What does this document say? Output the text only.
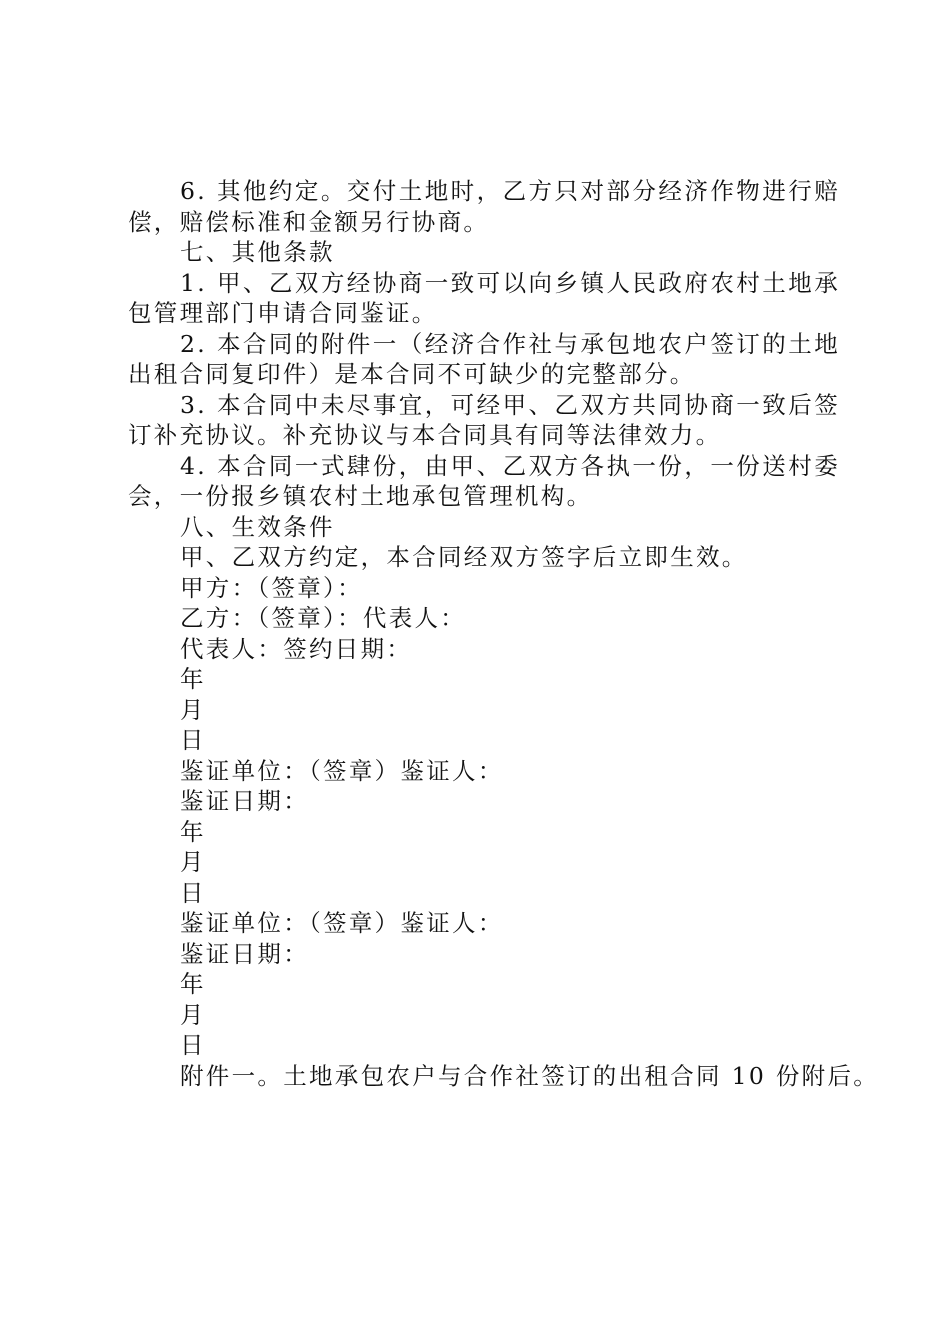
6. 其他约定。交付土地时，乙方只对部分经济作物进行赔偿，赔偿标准和金额另行协商。

七、其他条款

1. 甲、乙双方经协商一致可以向乡镇人民政府农村土地承包管理部门申请合同鉴证。

2. 本合同的附件一（经济合作社与承包地农户签订的土地出租合同复印件）是本合同不可缺少的完整部分。

3. 本合同中未尽事宜，可经甲、乙双方共同协商一致后签订补充协议。补充协议与本合同具有同等法律效力。

4. 本合同一式肆份，由甲、乙双方各执一份，一份送村委会，一份报乡镇农村土地承包管理机构。

八、生效条件

甲、乙双方约定，本合同经双方签字后立即生效。

甲方：（签章）：

乙方：（签章）：代表人：

代表人：签约日期：

年

月

日

鉴证单位：（签章）鉴证人：

鉴证日期：

年

月

日

鉴证单位：（签章）鉴证人：

鉴证日期：

年

月

日

附件一。土地承包农户与合作社签订的出租合同 10 份附后。
